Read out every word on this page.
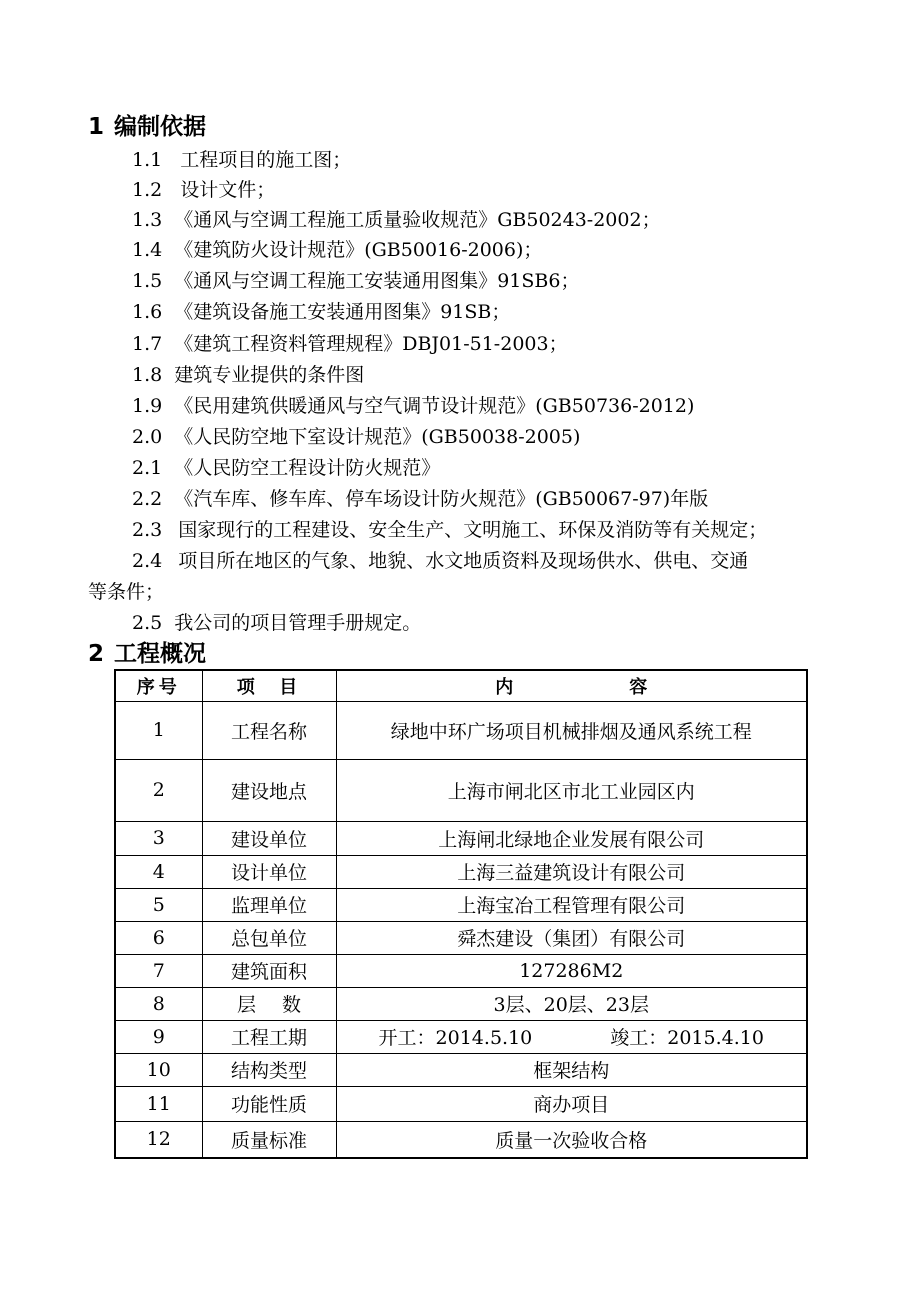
1 编制依据
1.1 工程项目的施工图；
1.2 设计文件；
1.3 《通风与空调工程施工质量验收规范》GB50243-2002；
1.4 《建筑防火设计规范》(GB50016-2006)；
1.5 《通风与空调工程施工安装通用图集》91SB6；
1.6 《建筑设备施工安装通用图集》91SB；
1.7 《建筑工程资料管理规程》DBJ01-51-2003；
1.8 建筑专业提供的条件图
1.9 《民用建筑供暖通风与空气调节设计规范》(GB50736-2012)
2.0 《人民防空地下室设计规范》(GB50038-2005)
2.1 《人民防空工程设计防火规范》
2.2 《汽车库、修车库、停车场设计防火规范》(GB50067-97)年版
2.3 国家现行的工程建设、安全生产、文明施工、环保及消防等有关规定；
2.4 项目所在地区的气象、地貌、水文地质资料及现场供水、供电、交通
等条件；
2.5 我公司的项目管理手册规定。
2 工程概况
序号	项  目	内 容
1	工程名称	绿地中环广场项目机械排烟及通风系统工程
2	建设地点	上海市闸北区市北工业园区内
3	建设单位	上海闸北绿地企业发展有限公司
4	设计单位	上海三益建筑设计有限公司
5	监理单位	上海宝冶工程管理有限公司
6	总包单位	舜杰建设（集团）有限公司
7	建筑面积	127286M2
8	层 数	3层、20层、23层
9	工程工期	开工：2014.5.10 竣工：2015.4.10
10	结构类型	框架结构
11	功能性质	商办项目
12	质量标准	质量一次验收合格
